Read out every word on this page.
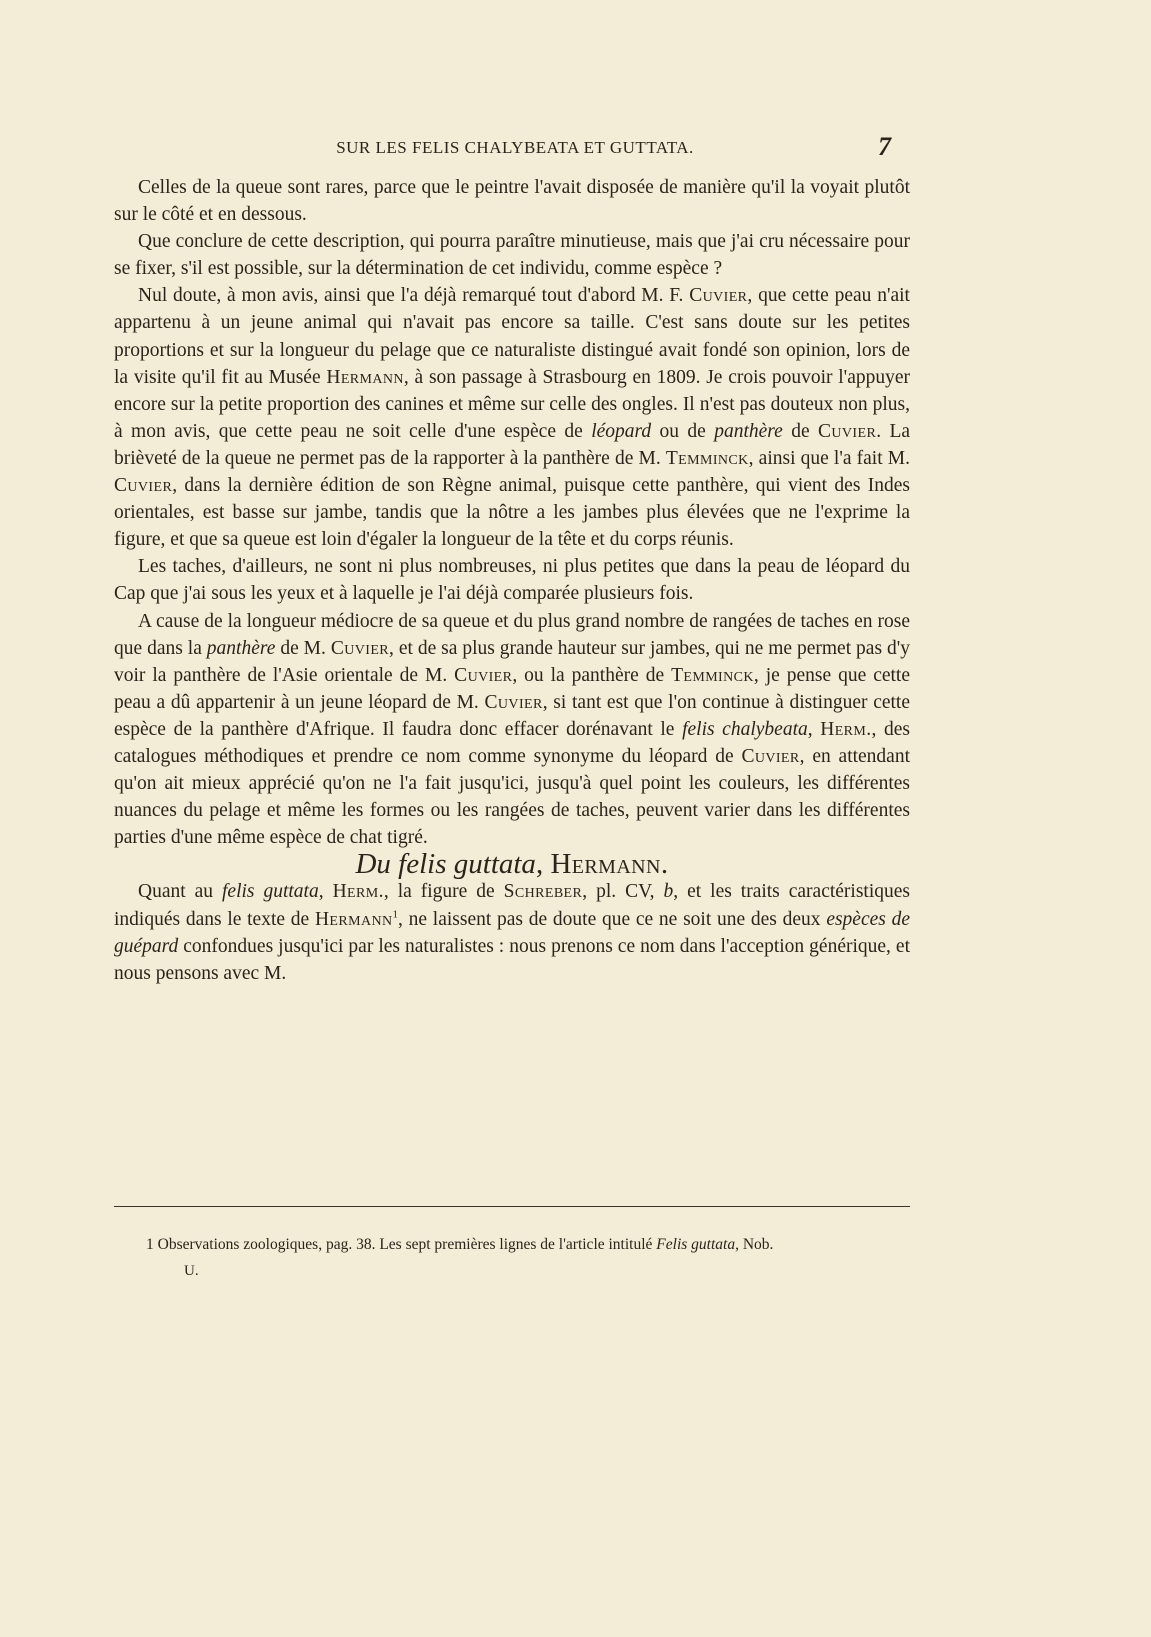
SUR LES FELIS CHALYBEATA ET GUTTATA.	7

Celles de la queue sont rares, parce que le peintre l'avait disposée de manière qu'il la voyait plutôt sur le côté et en dessous.

Que conclure de cette description, qui pourra paraître minutieuse, mais que j'ai cru nécessaire pour se fixer, s'il est possible, sur la détermination de cet individu, comme espèce ?

Nul doute, à mon avis, ainsi que l'a déjà remarqué tout d'abord M. F. Cuvier, que cette peau n'ait appartenu à un jeune animal qui n'avait pas encore sa taille. C'est sans doute sur les petites proportions et sur la longueur du pelage que ce naturaliste distingué avait fondé son opinion, lors de la visite qu'il fit au Musée Hermann, à son passage à Strasbourg en 1809. Je crois pouvoir l'appuyer encore sur la petite proportion des canines et même sur celle des ongles. Il n'est pas douteux non plus, à mon avis, que cette peau ne soit celle d'une espèce de léopard ou de panthère de Cuvier. La brièveté de la queue ne permet pas de la rapporter à la panthère de M. Temminck, ainsi que l'a fait M. Cuvier, dans la dernière édition de son Règne animal, puisque cette panthère, qui vient des Indes orientales, est basse sur jambe, tandis que la nôtre a les jambes plus élevées que ne l'exprime la figure, et que sa queue est loin d'égaler la longueur de la tête et du corps réunis.

Les taches, d'ailleurs, ne sont ni plus nombreuses, ni plus petites que dans la peau de léopard du Cap que j'ai sous les yeux et à laquelle je l'ai déjà comparée plusieurs fois.

A cause de la longueur médiocre de sa queue et du plus grand nombre de rangées de taches en rose que dans la panthère de M. Cuvier, et de sa plus grande hauteur sur jambes, qui ne me permet pas d'y voir la panthère de l'Asie orientale de M. Cuvier, ou la panthère de Temminck, je pense que cette peau a dû appartenir à un jeune léopard de M. Cuvier, si tant est que l'on continue à distinguer cette espèce de la panthère d'Afrique. Il faudra donc effacer dorénavant le felis chalybeata, Herm., des catalogues méthodiques et prendre ce nom comme synonyme du léopard de Cuvier, en attendant qu'on ait mieux apprécié qu'on ne l'a fait jusqu'ici, jusqu'à quel point les couleurs, les différentes nuances du pelage et même les formes ou les rangées de taches, peuvent varier dans les différentes parties d'une même espèce de chat tigré.

Du felis guttata, Hermann.

Quant au felis guttata, Herm., la figure de Schreber, pl. CV, b, et les traits caractéristiques indiqués dans le texte de Hermann$^1$, ne laissent pas de doute que ce ne soit une des deux espèces de guépard confondues jusqu'ici par les naturalistes : nous prenons ce nom dans l'acception générique, et nous pensons avec M.

1 Observations zoologiques, pag. 38. Les sept premières lignes de l'article intitulé Felis guttata, Nob.

U.
